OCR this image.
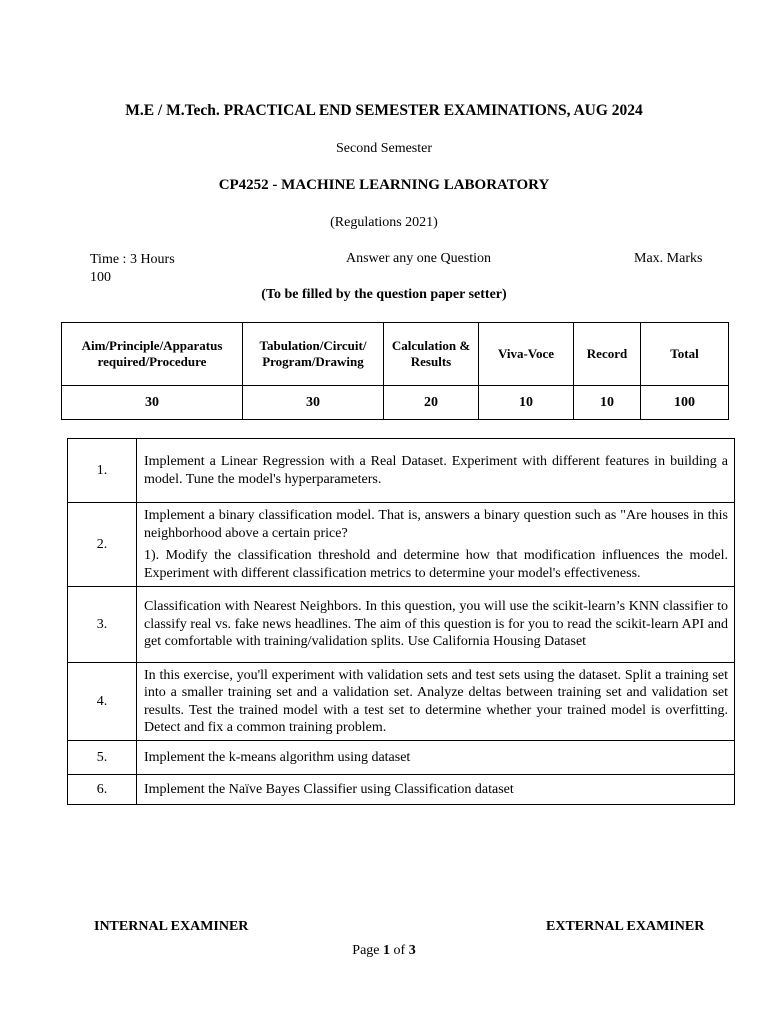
M.E / M.Tech. PRACTICAL END SEMESTER EXAMINATIONS, AUG 2024
Second Semester
CP4252 - MACHINE LEARNING LABORATORY
(Regulations 2021)
Time : 3 Hours
100
Answer any one Question	Max. Marks
(To be filled by the question paper setter)
Aim/Principle/Apparatus required/Procedure	Tabulation/Circuit/ Program/Drawing	Calculation & Results	Viva-Voce	Record	Total
30	30	20	10	10	100
1.	Implement a Linear Regression with a Real Dataset. Experiment with different features in building a model. Tune the model's hyperparameters.
2.	Implement a binary classification model. That is, answers a binary question such as "Are houses in this neighborhood above a certain price?

1). Modify the classification threshold and determine how that modification influences the model. Experiment with different classification metrics to determine your model's effectiveness.

3.	Classification with Nearest Neighbors. In this question, you will use the scikit-learn’s KNN classifier to classify real vs. fake news headlines. The aim of this question is for you to read the scikit-learn API and get comfortable with training/validation splits. Use California Housing Dataset
4.	In this exercise, you'll experiment with validation sets and test sets using the dataset. Split a training set into a smaller training set and a validation set. Analyze deltas between training set and validation set results. Test the trained model with a test set to determine whether your trained model is overfitting. Detect and fix a common training problem.
5.	Implement the k-means algorithm using dataset
6.	Implement the Naïve Bayes Classifier using Classification dataset
INTERNAL EXAMINER	EXTERNAL EXAMINER
Page 1 of 3
